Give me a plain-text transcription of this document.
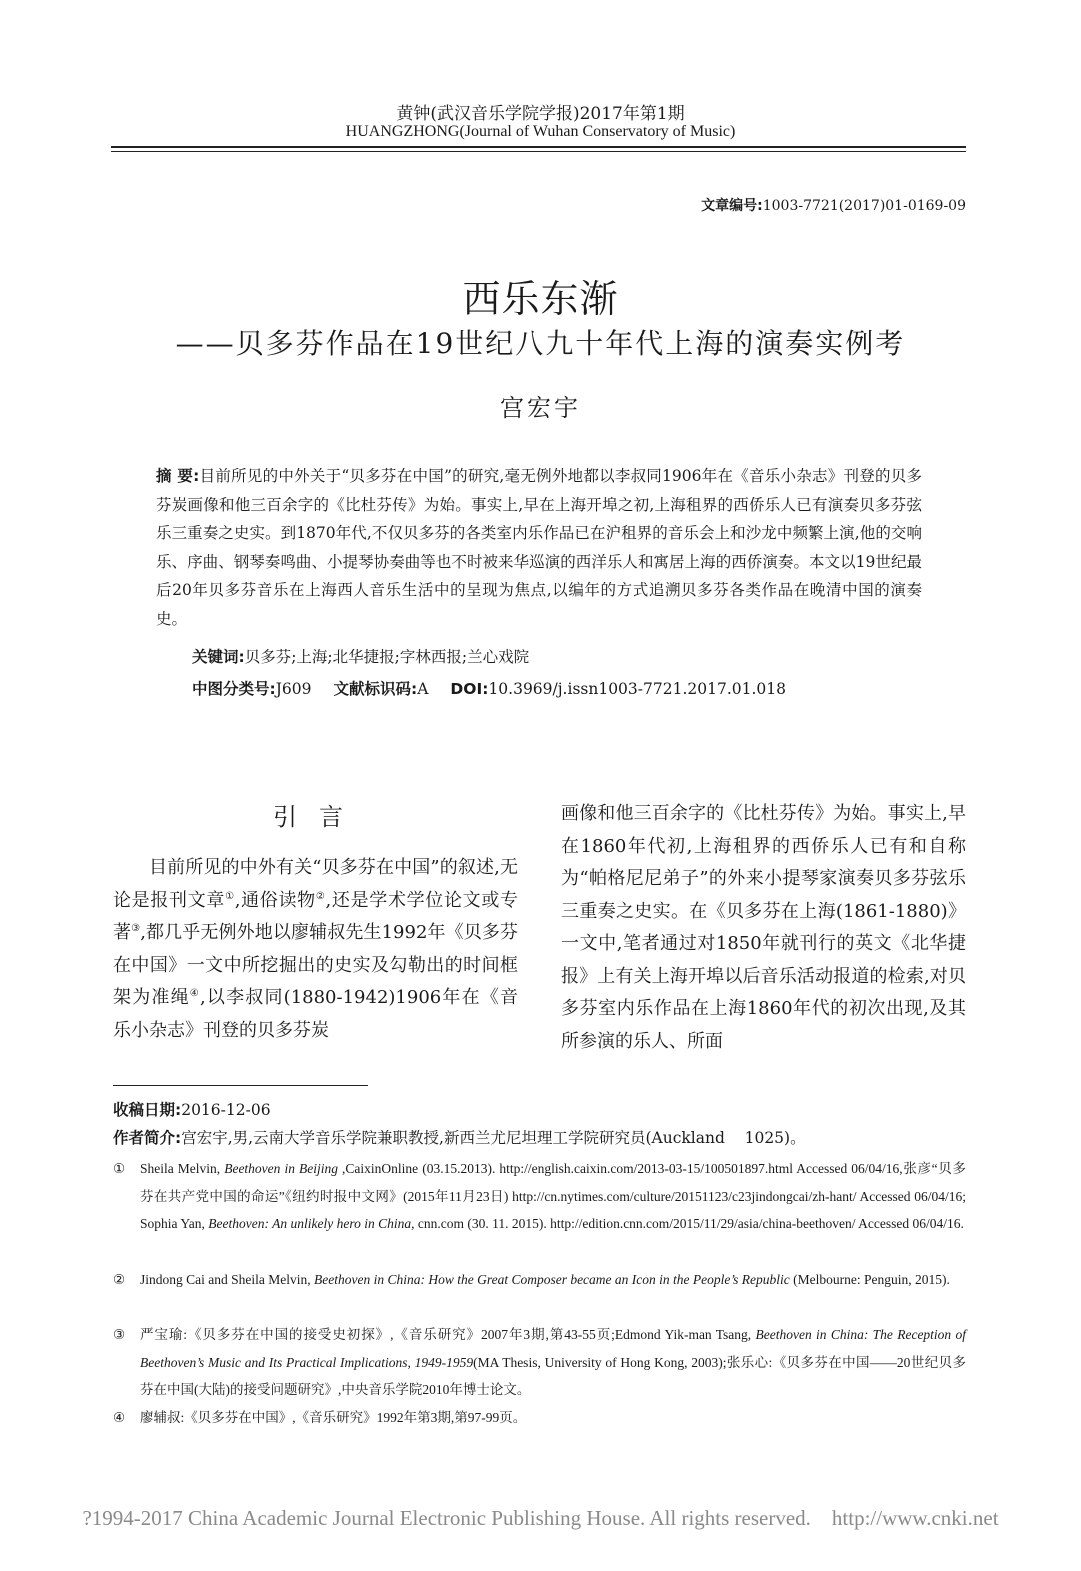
黄钟(武汉音乐学院学报)2017年第1期
HUANGZHONG(Journal of Wuhan Conservatory of Music)
文章编号:1003-7721(2017)01-0169-09
西乐东渐
——贝多芬作品在19世纪八九十年代上海的演奏实例考
宫宏宇
摘 要:目前所见的中外关于“贝多芬在中国”的研究,毫无例外地都以李叔同1906年在《音乐小杂志》刊登的贝多芬炭画像和他三百余字的《比杜芬传》为始。事实上,早在上海开埠之初,上海租界的西侨乐人已有演奏贝多芬弦乐三重奏之史实。到1870年代,不仅贝多芬的各类室内乐作品已在沪租界的音乐会上和沙龙中频繁上演,他的交响乐、序曲、钢琴奏鸣曲、小提琴协奏曲等也不时被来华巡演的西洋乐人和寓居上海的西侨演奏。本文以19世纪最后20年贝多芬音乐在上海西人音乐生活中的呈现为焦点,以编年的方式追溯贝多芬各类作品在晚清中国的演奏史。
关键词:贝多芬;上海;北华捷报;字林西报;兰心戏院
中图分类号:J609 文献标识码:A DOI:10.3969/j.issn1003-7721.2017.01.018
引言
目前所见的中外有关“贝多芬在中国”的叙述,无论是报刊文章①,通俗读物②,还是学术学位论文或专著③,都几乎无例外地以廖辅叔先生1992年《贝多芬在中国》一文中所挖掘出的史实及勾勒出的时间框架为准绳④,以李叔同(1880-1942)1906年在《音乐小杂志》刊登的贝多芬炭
画像和他三百余字的《比杜芬传》为始。事实上,早在1860年代初,上海租界的西侨乐人已有和自称为“帕格尼尼弟子”的外来小提琴家演奏贝多芬弦乐三重奏之史实。在《贝多芬在上海(1861-1880)》一文中,笔者通过对1850年就刊行的英文《北华捷报》上有关上海开埠以后音乐活动报道的检索,对贝多芬室内乐作品在上海1860年代的初次出现,及其所参演的乐人、所面
收稿日期:2016-12-06
作者简介:宫宏宇,男,云南大学音乐学院兼职教授,新西兰尤尼坦理工学院研究员(Auckland    1025)。
①	Sheila Melvin, Beethoven in Beijing ,CaixinOnline (03.15.2013). http://english.caixin.com/2013-03-15/100501897.html Accessed 06/04/16,张彦“贝多芬在共产党中国的命运”《纽约时报中文网》(2015年11月23日) http://cn.nytimes.com/culture/20151123/c23jindongcai/zh-hant/ Accessed 06/04/16; Sophia Yan, Beethoven: An unlikely hero in China, cnn.com (30. 11. 2015). http://edition.cnn.com/2015/11/29/asia/china-beethoven/ Accessed 06/04/16.
②	Jindong Cai and Sheila Melvin, Beethoven in China: How the Great Composer became an Icon in the People’s Republic (Melbourne: Penguin, 2015).
③	严宝瑜:《贝多芬在中国的接受史初探》,《音乐研究》2007年3期,第43-55页;Edmond Yik-man Tsang, Beethoven in China: The Reception of Beethoven’s Music and Its Practical Implications, 1949-1959(MA Thesis, University of Hong Kong, 2003);张乐心:《贝多芬在中国——20世纪贝多芬在中国(大陆)的接受问题研究》,中央音乐学院2010年博士论文。
④	廖辅叔:《贝多芬在中国》,《音乐研究》1992年第3期,第97-99页。
?1994-2017 China Academic Journal Electronic Publishing House. All rights reserved.    http://www.cnki.net
